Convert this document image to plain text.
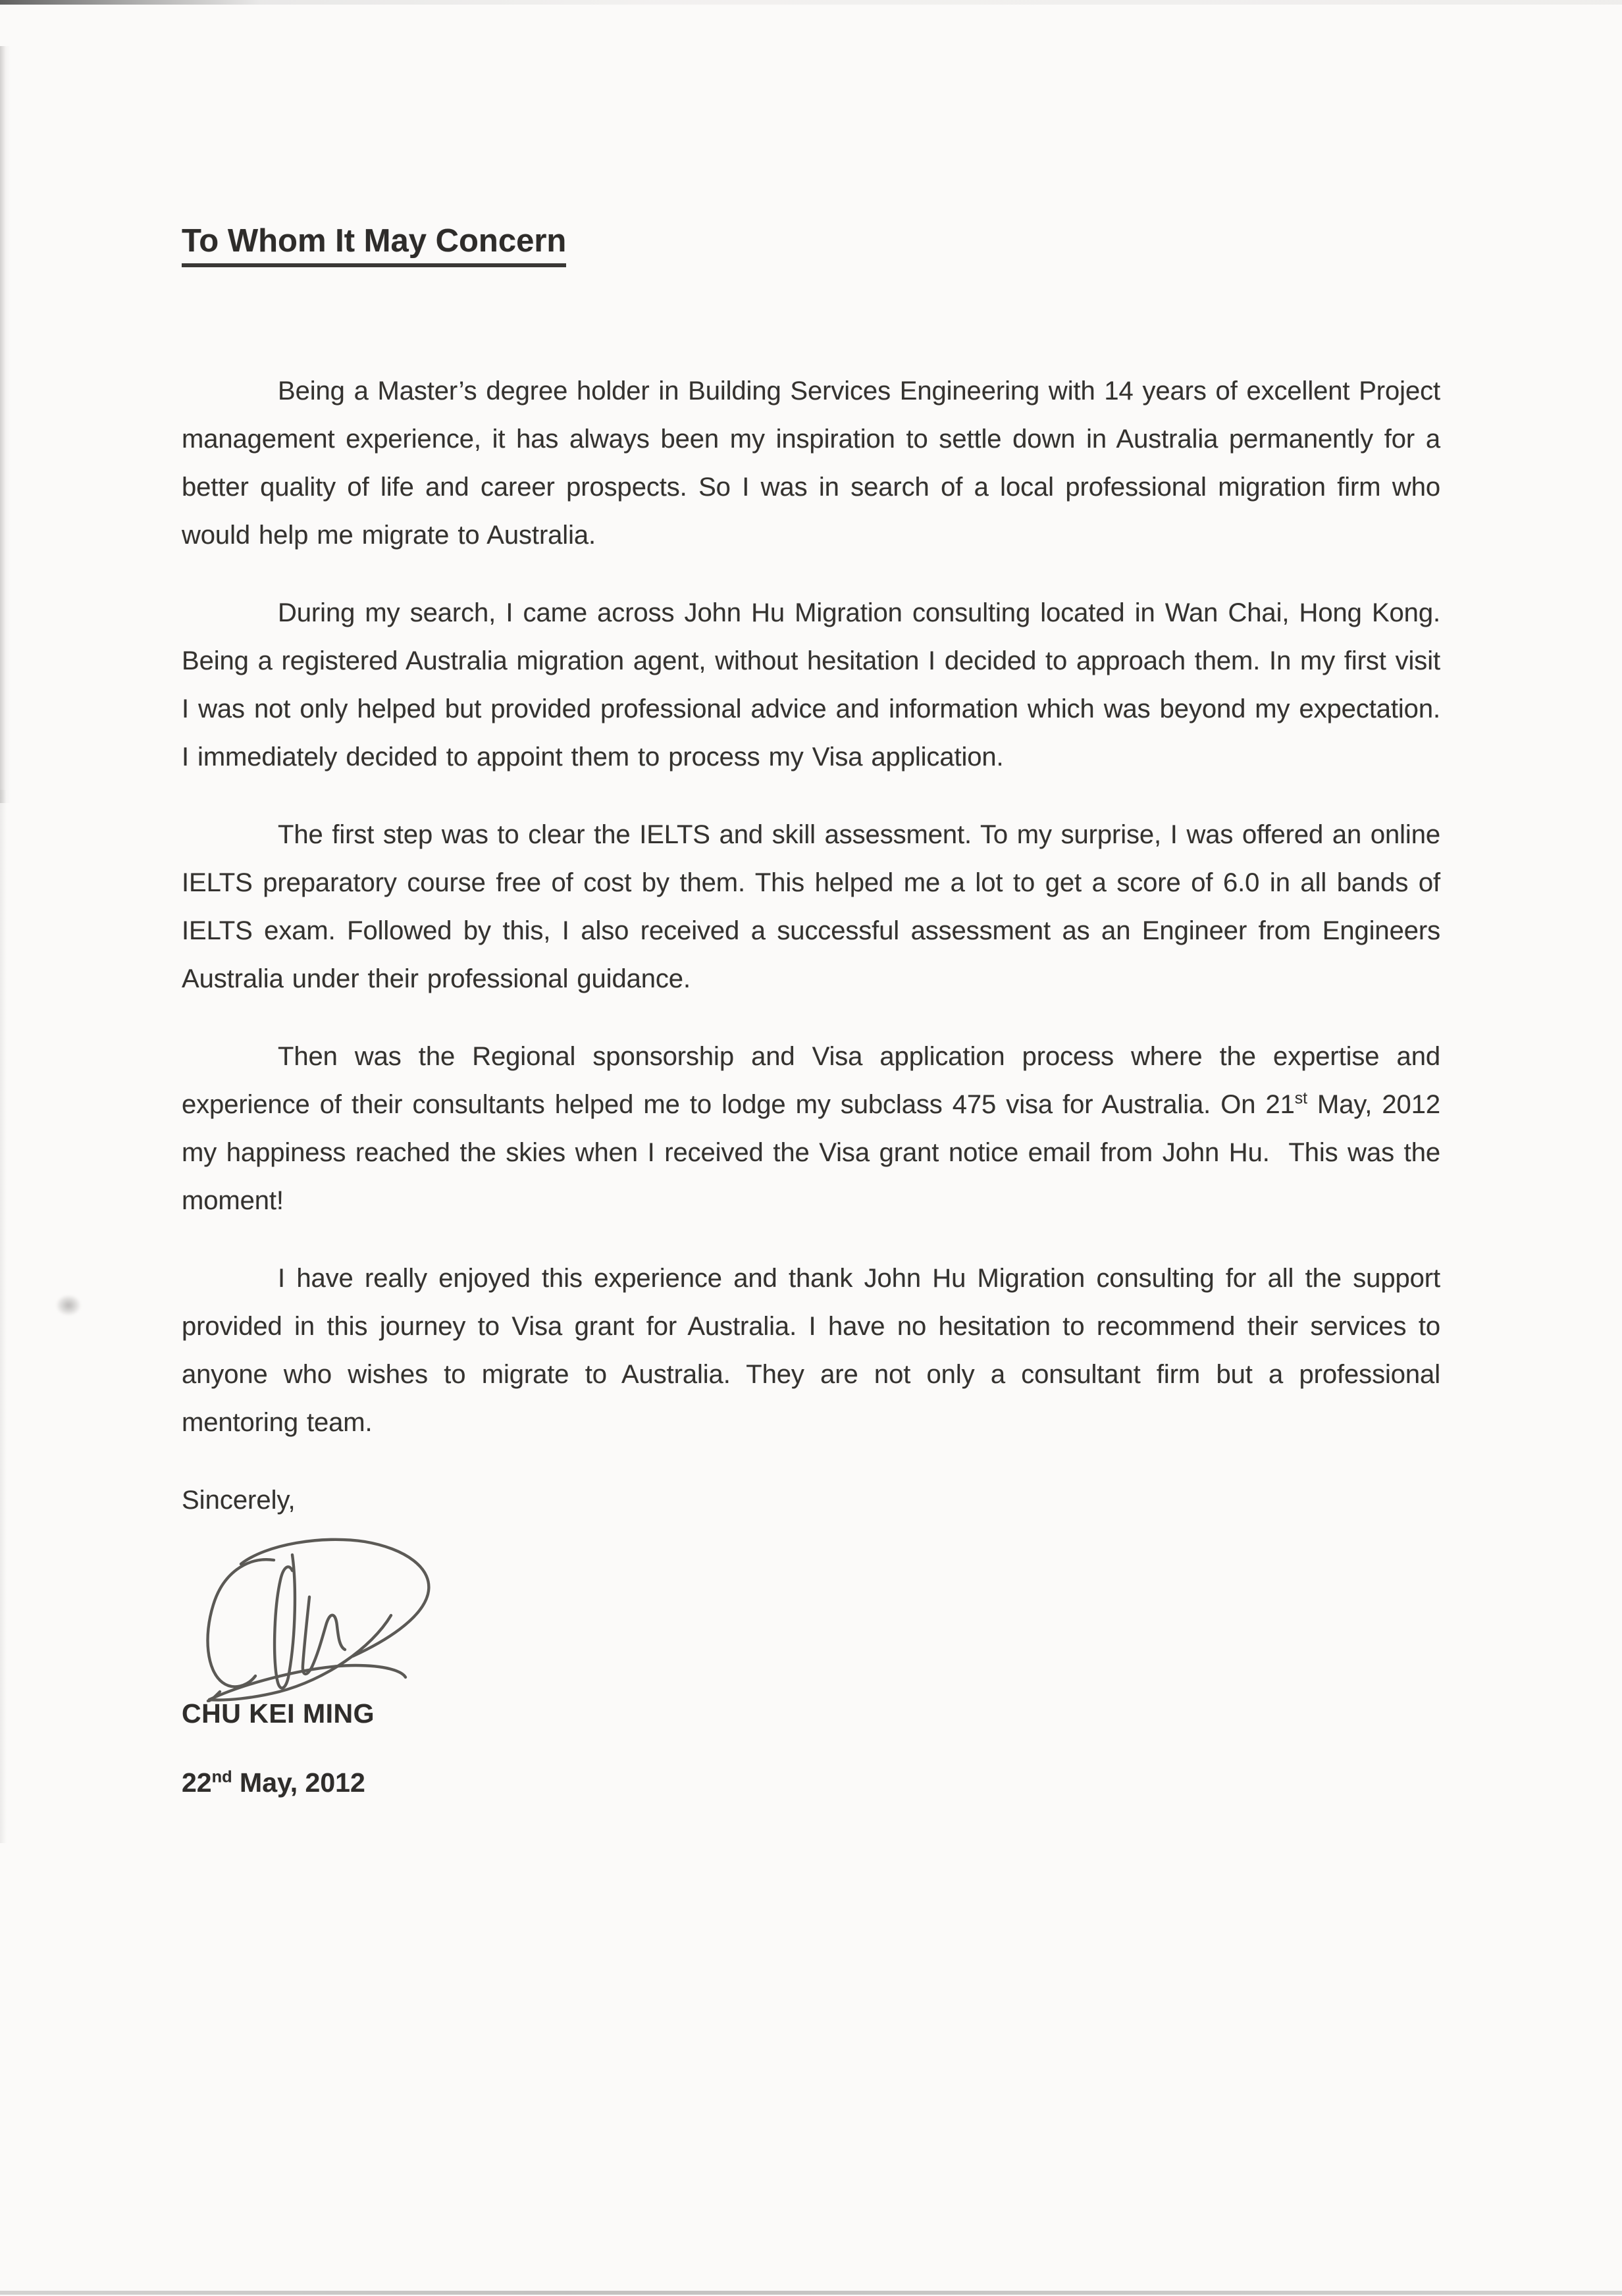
To Whom It May Concern

Being a Master’s degree holder in Building Services Engineering with 14 years of excellent Project management experience, it has always been my inspiration to settle down in Australia permanently for a better quality of life and career prospects. So I was in search of a local professional migration firm who would help me migrate to Australia.

During my search, I came across John Hu Migration consulting located in Wan Chai, Hong Kong. Being a registered Australia migration agent, without hesitation I decided to approach them. In my first visit I was not only helped but provided professional advice and information which was beyond my expectation. I immediately decided to appoint them to process my Visa application.

The first step was to clear the IELTS and skill assessment. To my surprise, I was offered an online IELTS preparatory course free of cost by them. This helped me a lot to get a score of 6.0 in all bands of IELTS exam. Followed by this, I also received a successful assessment as an Engineer from Engineers Australia under their professional guidance.

Then was the Regional sponsorship and Visa application process where the expertise and experience of their consultants helped me to lodge my subclass 475 visa for Australia. On 21st May, 2012 my happiness reached the skies when I received the Visa grant notice email from John Hu.  This was the moment!

I have really enjoyed this experience and thank John Hu Migration consulting for all the support provided in this journey to Visa grant for Australia. I have no hesitation to recommend their services to anyone who wishes to migrate to Australia. They are not only a consultant firm but a professional mentoring team.

Sincerely,

CHU KEI MING

22nd May, 2012
